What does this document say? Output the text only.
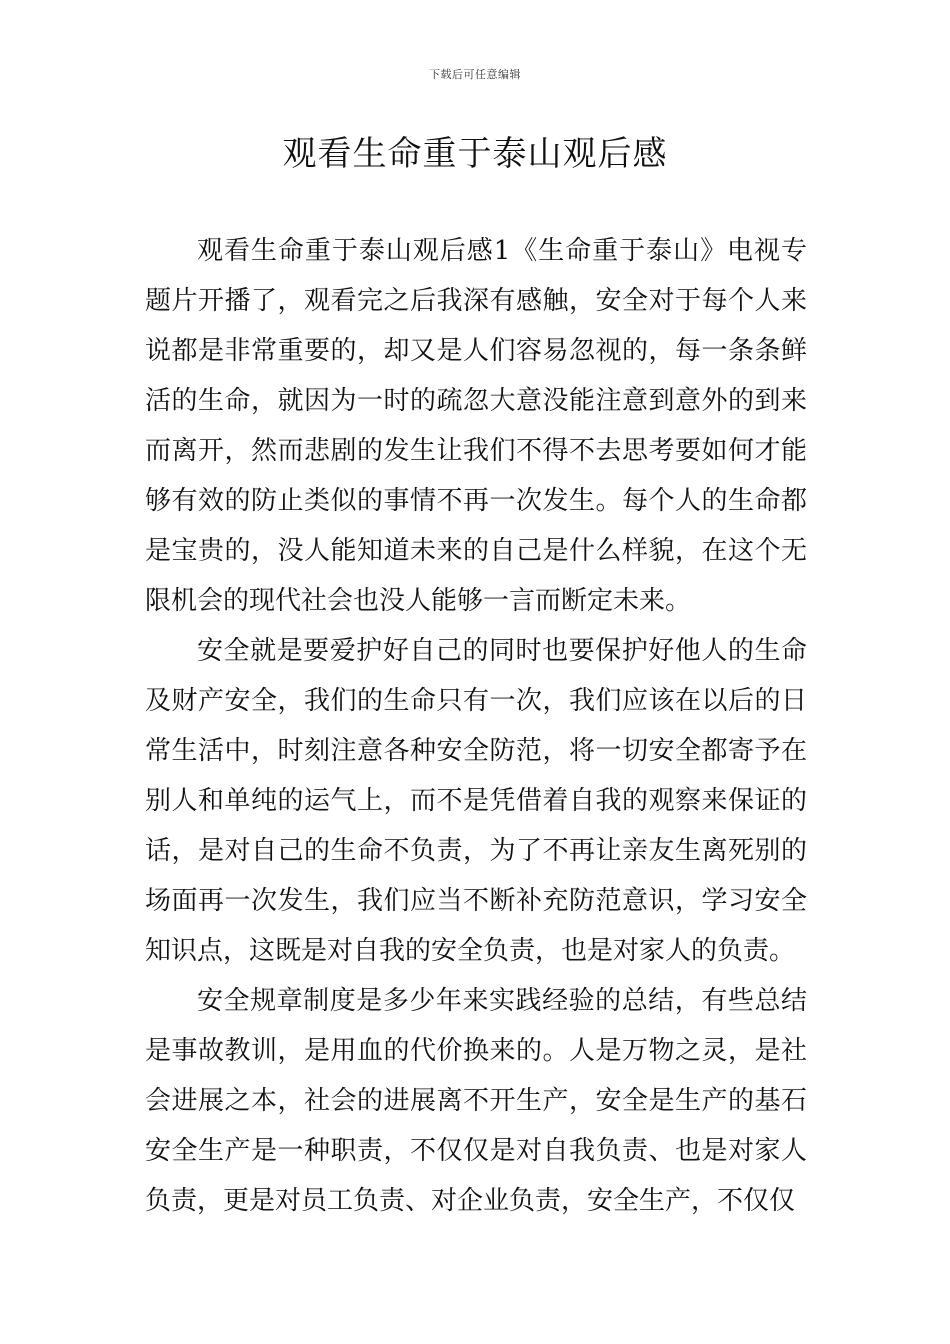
下载后可任意编辑
观看生命重于泰山观后感

观看生命重于泰山观后感1《生命重于泰山》电视专题片开播了，观看完之后我深有感触，安全对于每个人来说都是非常重要的，却又是人们容易忽视的，每一条条鲜活的生命，就因为一时的疏忽大意没能注意到意外的到来而离开，然而悲剧的发生让我们不得不去思考要如何才能够有效的防止类似的事情不再一次发生。每个人的生命都是宝贵的，没人能知道未来的自己是什么样貌，在这个无限机会的现代社会也没人能够一言而断定未来。

安全就是要爱护好自己的同时也要保护好他人的生命及财产安全，我们的生命只有一次，我们应该在以后的日常生活中，时刻注意各种安全防范，将一切安全都寄予在别人和单纯的运气上，而不是凭借着自我的观察来保证的话，是对自己的生命不负责，为了不再让亲友生离死别的场面再一次发生，我们应当不断补充防范意识，学习安全知识点，这既是对自我的安全负责，也是对家人的负责。

安全规章制度是多少年来实践经验的总结，有些总结是事故教训，是用血的代价换来的。人是万物之灵，是社会进展之本，社会的进展离不开生产，安全是生产的基石安全生产是一种职责，不仅仅是对自我负责、也是对家人负责，更是对员工负责、对企业负责，安全生产，不仅仅
